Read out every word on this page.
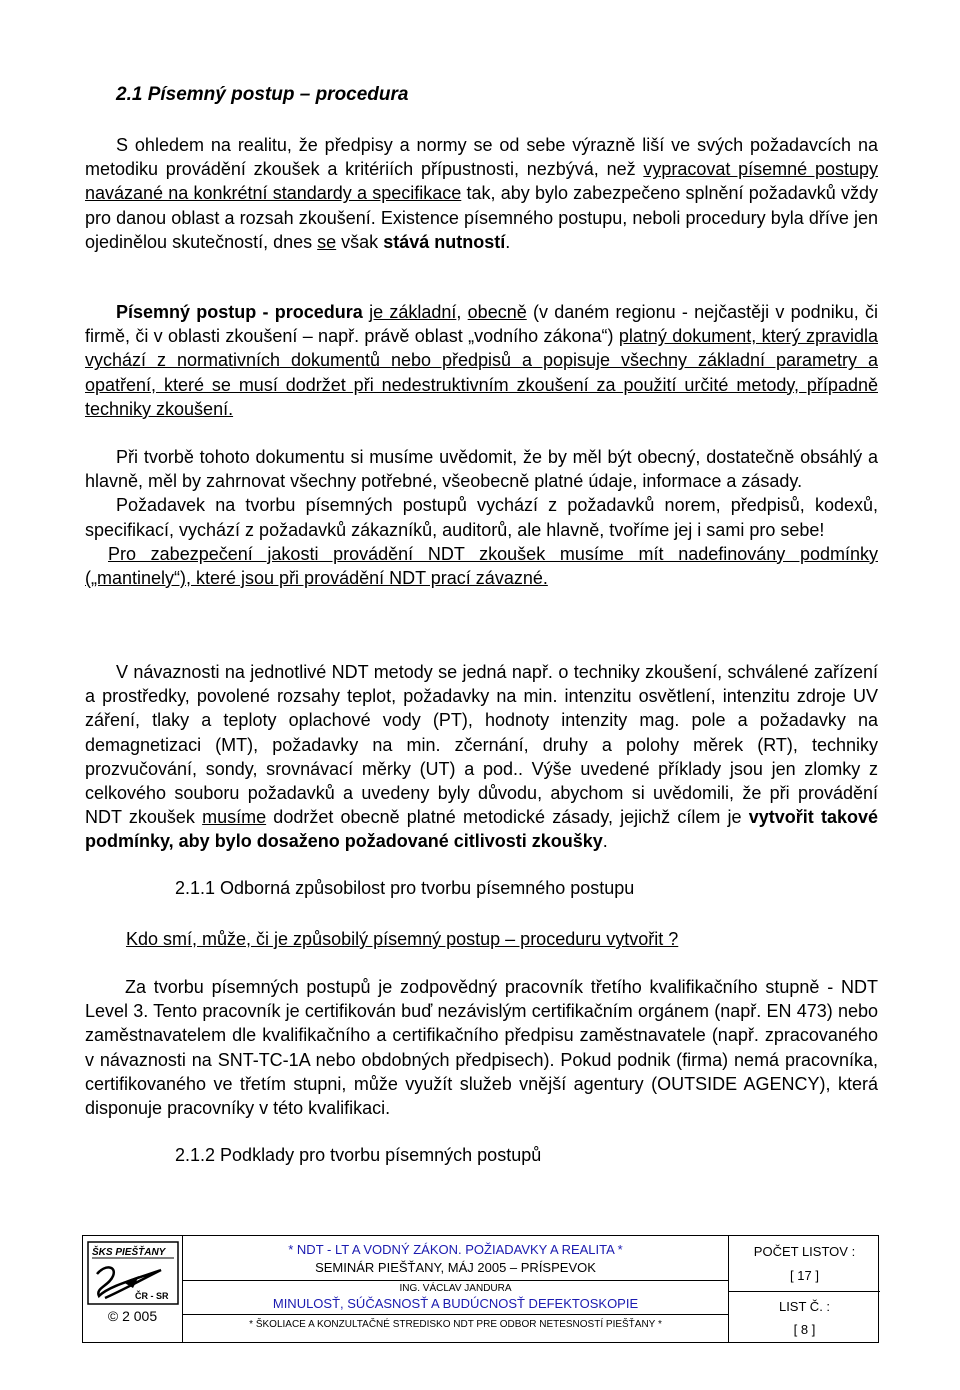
2.1 Písemný postup – procedura

S ohledem na realitu, že předpisy a normy se od sebe výrazně liší ve svých požadavcích na metodiku provádění zkoušek a kritériích přípustnosti, nezbývá, než vypracovat písemné postupy navázané na konkrétní standardy a specifikace tak, aby bylo zabezpečeno splnění požadavků vždy pro danou oblast a rozsah zkoušení. Existence písemného postupu, neboli procedury byla dříve jen ojedinělou skutečností, dnes se však stává nutností.

Písemný postup - procedura je základní, obecně (v daném regionu - nejčastěji v podniku, či firmě, či v oblasti zkoušení – např. právě oblast „vodního zákona“) platný dokument, který zpravidla vychází z normativních dokumentů nebo předpisů a popisuje všechny základní parametry a opatření, které se musí dodržet při nedestruktivním zkoušení za použití určité metody, případně techniky zkoušení.

Při tvorbě tohoto dokumentu si musíme uvědomit, že by měl být obecný, dostatečně obsáhlý a hlavně, měl by zahrnovat všechny potřebné, všeobecně platné údaje, informace a zásady.

Požadavek na tvorbu písemných postupů vychází z požadavků norem, předpisů, kodexů, specifikací, vychází z požadavků zákazníků, auditorů, ale hlavně, tvoříme jej i sami pro sebe!

Pro zabezpečení jakosti provádění NDT zkoušek musíme mít nadefinovány podmínky („mantinely“), které jsou při provádění NDT prací závazné.

V návaznosti na jednotlivé NDT metody se jedná např. o techniky zkoušení, schválené zařízení a prostředky, povolené rozsahy teplot, požadavky na min. intenzitu osvětlení, intenzitu zdroje UV záření, tlaky a teploty oplachové vody (PT), hodnoty intenzity mag. pole a požadavky na demagnetizaci (MT), požadavky na min. zčernání, druhy a polohy měrek (RT), techniky prozvučování, sondy, srovnávací měrky (UT) a pod.. Výše uvedené příklady jsou jen zlomky z celkového souboru požadavků a uvedeny byly důvodu, abychom si uvědomili, že při provádění NDT zkoušek musíme dodržet obecně platné metodické zásady, jejichž cílem je vytvořit takové podmínky, aby bylo dosaženo požadované citlivosti zkoušky.

2.1.1 Odborná způsobilost pro tvorbu písemného postupu
Kdo smí, může, či je způsobilý písemný postup – proceduru vytvořit ?

Za tvorbu písemných postupů je zodpovědný pracovník třetího kvalifikačního stupně - NDT Level 3. Tento pracovník je certifikován buď nezávislým certifikačním orgánem (např. EN 473) nebo zaměstnavatelem dle kvalifikačního a certifikačního předpisu zaměstnavatele (např. zpracovaného v návaznosti na SNT-TC-1A nebo obdobných předpisech). Pokud podnik (firma) nemá pracovníka, certifikovaného ve třetím stupni, může využít služeb vnější agentury (OUTSIDE AGENCY), která disponuje pracovníky v této kvalifikaci.

2.1.2 Podklady pro tvorbu písemných postupů
ŠKS PIEŠŤANY
ČR - SR
© 2 005
* NDT - LT A VODNÝ ZÁKON. POŽIADAVKY A REALITA *
SEMINÁR PIEŠŤANY, MÁJ 2005 – PRÍSPEVOK
ING. VÁCLAV JANDURA
MINULOSŤ, SÚČASNOSŤ A BUDÚCNOSŤ DEFEKTOSKOPIE
* ŠKOLIACE A KONZULTAČNÉ STREDISKO NDT PRE ODBOR NETESNOSTÍ PIEŠŤANY *
POČET LISTOV :
[ 17 ]
LIST Č. :
[ 8 ]
